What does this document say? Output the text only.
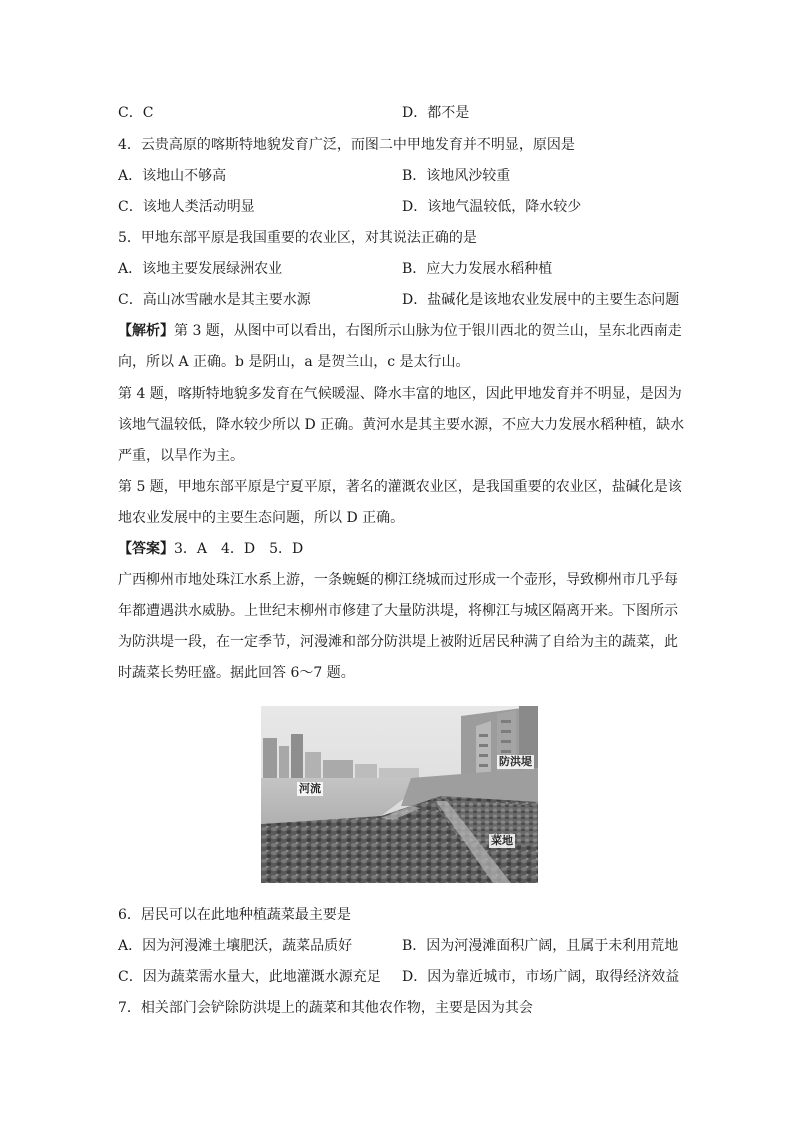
C．C	D．都不是
4．云贵高原的喀斯特地貌发育广泛，而图二中甲地发育并不明显，原因是
A．该地山不够高	B．该地风沙较重
C．该地人类活动明显	D．该地气温较低，降水较少
5．甲地东部平原是我国重要的农业区，对其说法正确的是
A．该地主要发展绿洲农业	B．应大力发展水稻种植
C．高山冰雪融水是其主要水源	D．盐碱化是该地农业发展中的主要生态问题
【解析】第 3 题，从图中可以看出，右图所示山脉为位于银川西北的贺兰山，呈东北西南走
向，所以 A 正确。b 是阴山，a 是贺兰山，c 是太行山。
第 4 题，喀斯特地貌多发育在气候暖湿、降水丰富的地区，因此甲地发育并不明显，是因为
该地气温较低，降水较少所以 D 正确。黄河水是其主要水源，不应大力发展水稻种植，缺水
严重，以旱作为主。
第 5 题，甲地东部平原是宁夏平原，著名的灌溉农业区，是我国重要的农业区，盐碱化是该
地农业发展中的主要生态问题，所以 D 正确。
【答案】3．A　4．D　5．D
广西柳州市地处珠江水系上游，一条蜿蜒的柳江绕城而过形成一个壶形，导致柳州市几乎每
年都遭遇洪水威胁。上世纪末柳州市修建了大量防洪堤，将柳江与城区隔离开来。下图所示
为防洪堤一段，在一定季节，河漫滩和部分防洪堤上被附近居民种满了自给为主的蔬菜，此
时蔬菜长势旺盛。据此回答 6～7 题。
河流
防洪堤
菜地
6．居民可以在此地种植蔬菜最主要是
A．因为河漫滩土壤肥沃，蔬菜品质好	B．因为河漫滩面积广阔，且属于未利用荒地
C．因为蔬菜需水量大，此地灌溉水源充足 D．因为靠近城市，市场广阔，取得经济效益
7．相关部门会铲除防洪堤上的蔬菜和其他农作物，主要是因为其会
